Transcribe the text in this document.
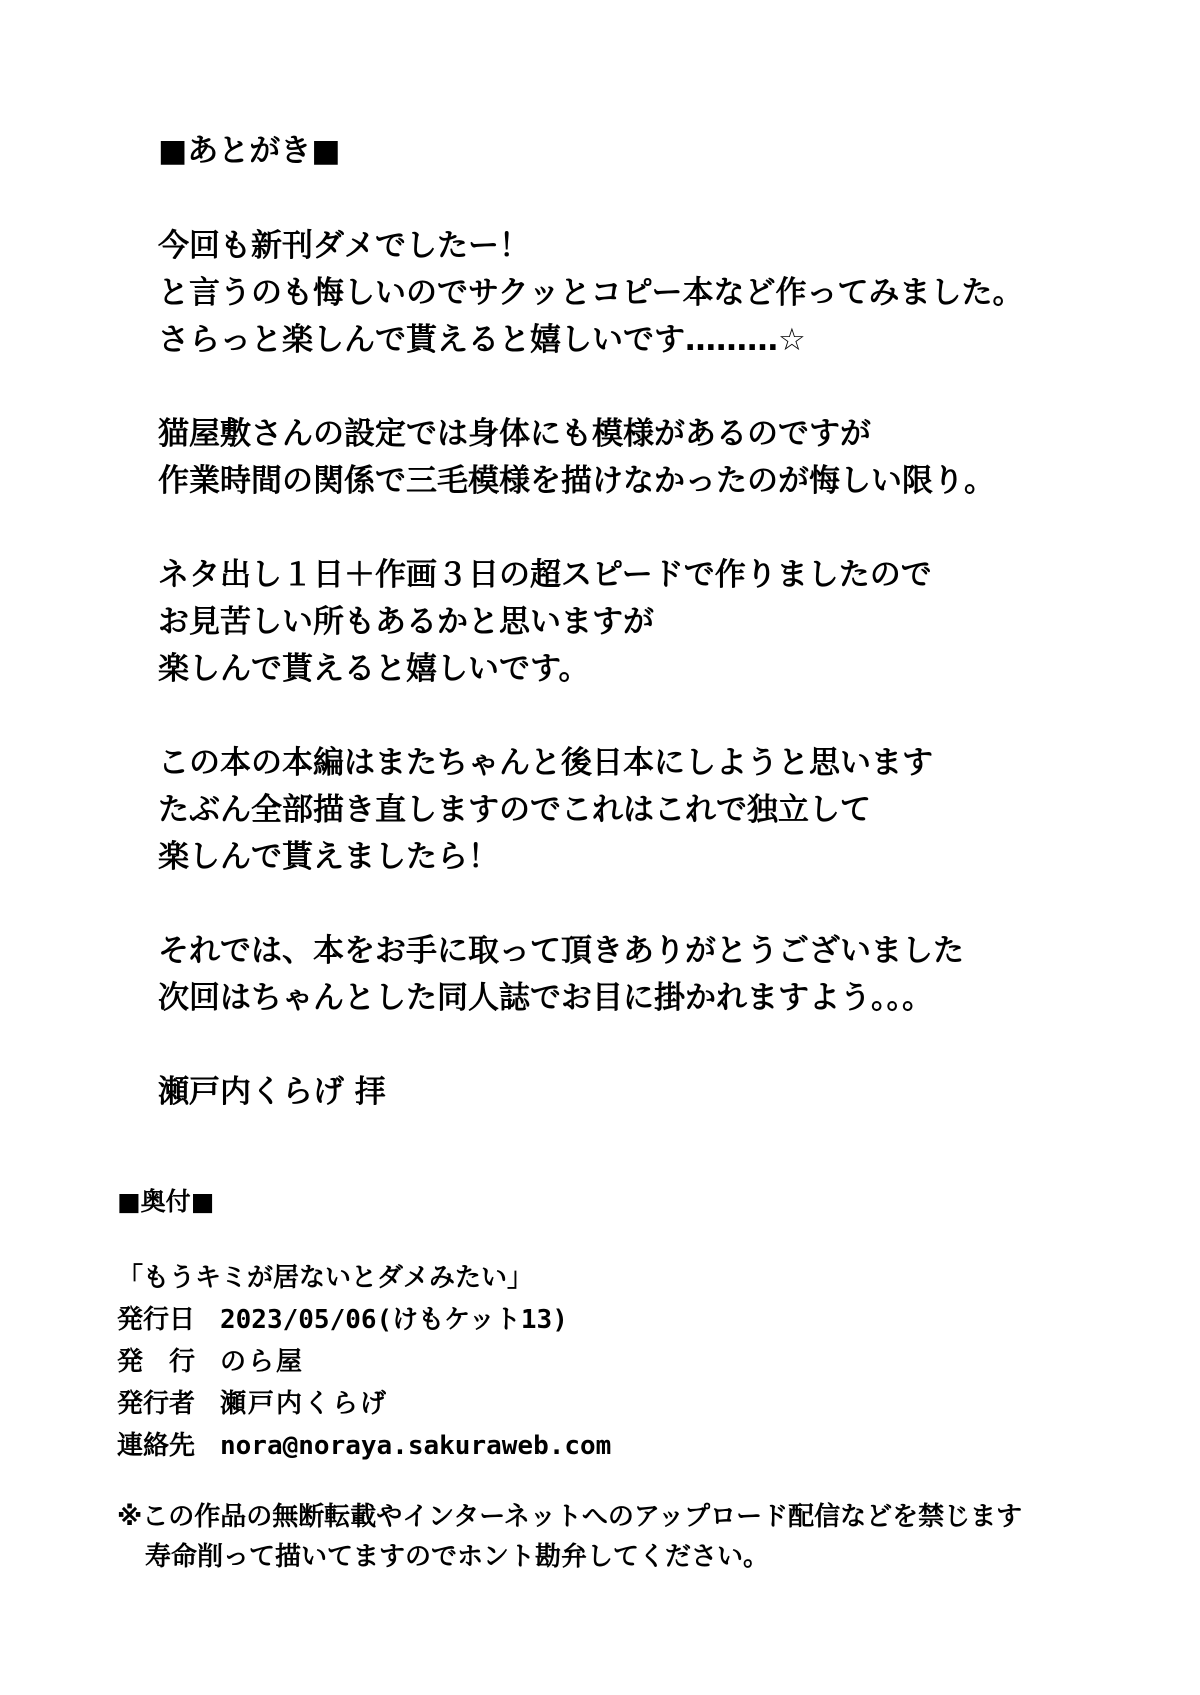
■あとがき■
今回も新刊ダメでしたー！
と言うのも悔しいのでサクッとコピー本など作ってみました。
さらっと楽しんで貰えると嬉しいです………☆
猫屋敷さんの設定では身体にも模様があるのですが
作業時間の関係で三毛模様を描けなかったのが悔しい限り。
ネタ出し１日＋作画３日の超スピードで作りましたので
お見苦しい所もあるかと思いますが
楽しんで貰えると嬉しいです。
この本の本編はまたちゃんと後日本にしようと思います
たぶん全部描き直しますのでこれはこれで独立して
楽しんで貰えましたら！
それでは、本をお手に取って頂きありがとうございました
次回はちゃんとした同人誌でお目に掛かれますよう。。。
瀬戸内くらげ 拝
■奥付■
「もうキミが居ないとダメみたい」
発行日 2023/05/06(けもケット13)
発行
のら屋
発行者 瀬戸内くらげ
連絡先 nora@noraya.sakuraweb.com
※この作品の無断転載やインターネットへのアップロード配信などを禁じます
寿命削って描いてますのでホント勘弁してください。
